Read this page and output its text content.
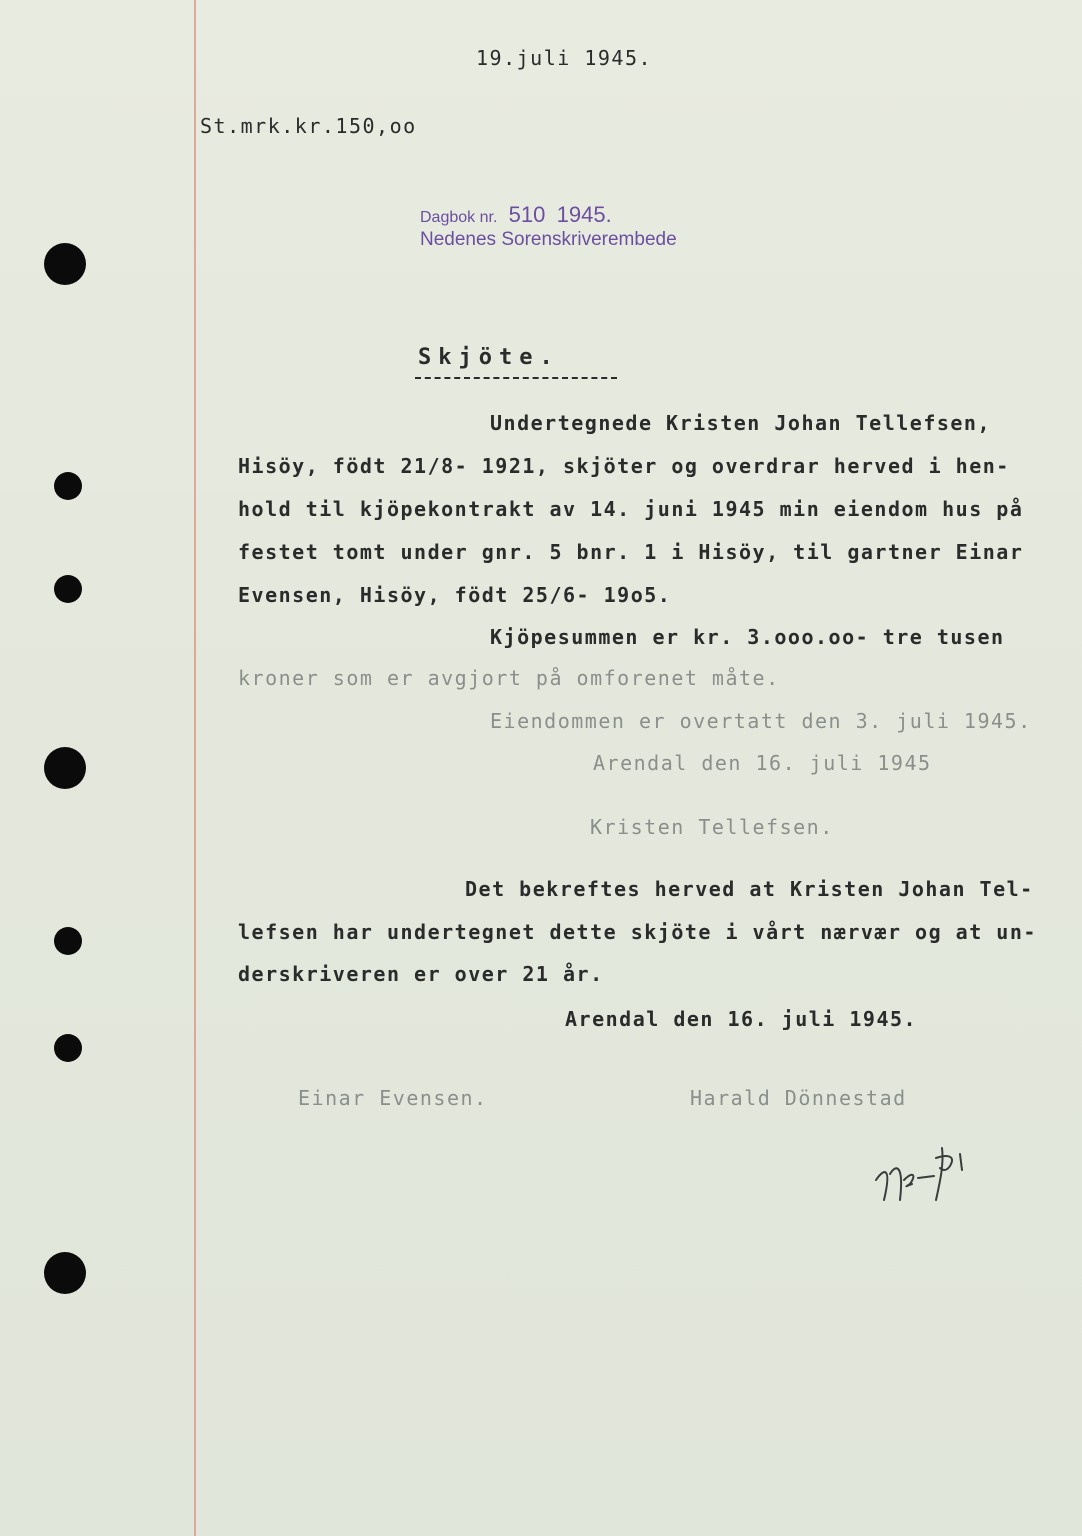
19.juli 1945.
St.mrk.kr.150,oo
Dagbok nr. 510 1945.
Nedenes Sorenskriverembede
Skjöte.
Undertegnede Kristen Johan Tellefsen,
Hisöy, födt 21/8- 1921, skjöter og overdrar herved i hen-
hold til kjöpekontrakt av 14. juni 1945 min eiendom hus på
festet tomt under gnr. 5 bnr. 1 i Hisöy, til gartner Einar
Evensen, Hisöy, födt 25/6- 19o5.
Kjöpesummen er kr. 3.ooo.oo- tre tusen
kroner som er avgjort på omforenet måte.
Eiendommen er overtatt den 3. juli 1945.
Arendal den 16. juli 1945
Kristen Tellefsen.
Det bekreftes herved at Kristen Johan Tel-
lefsen har undertegnet dette skjöte i vårt nærvær og at un-
derskriveren er over 21 år.
Arendal den 16. juli 1945.
Einar Evensen.	Harald Dönnestad
